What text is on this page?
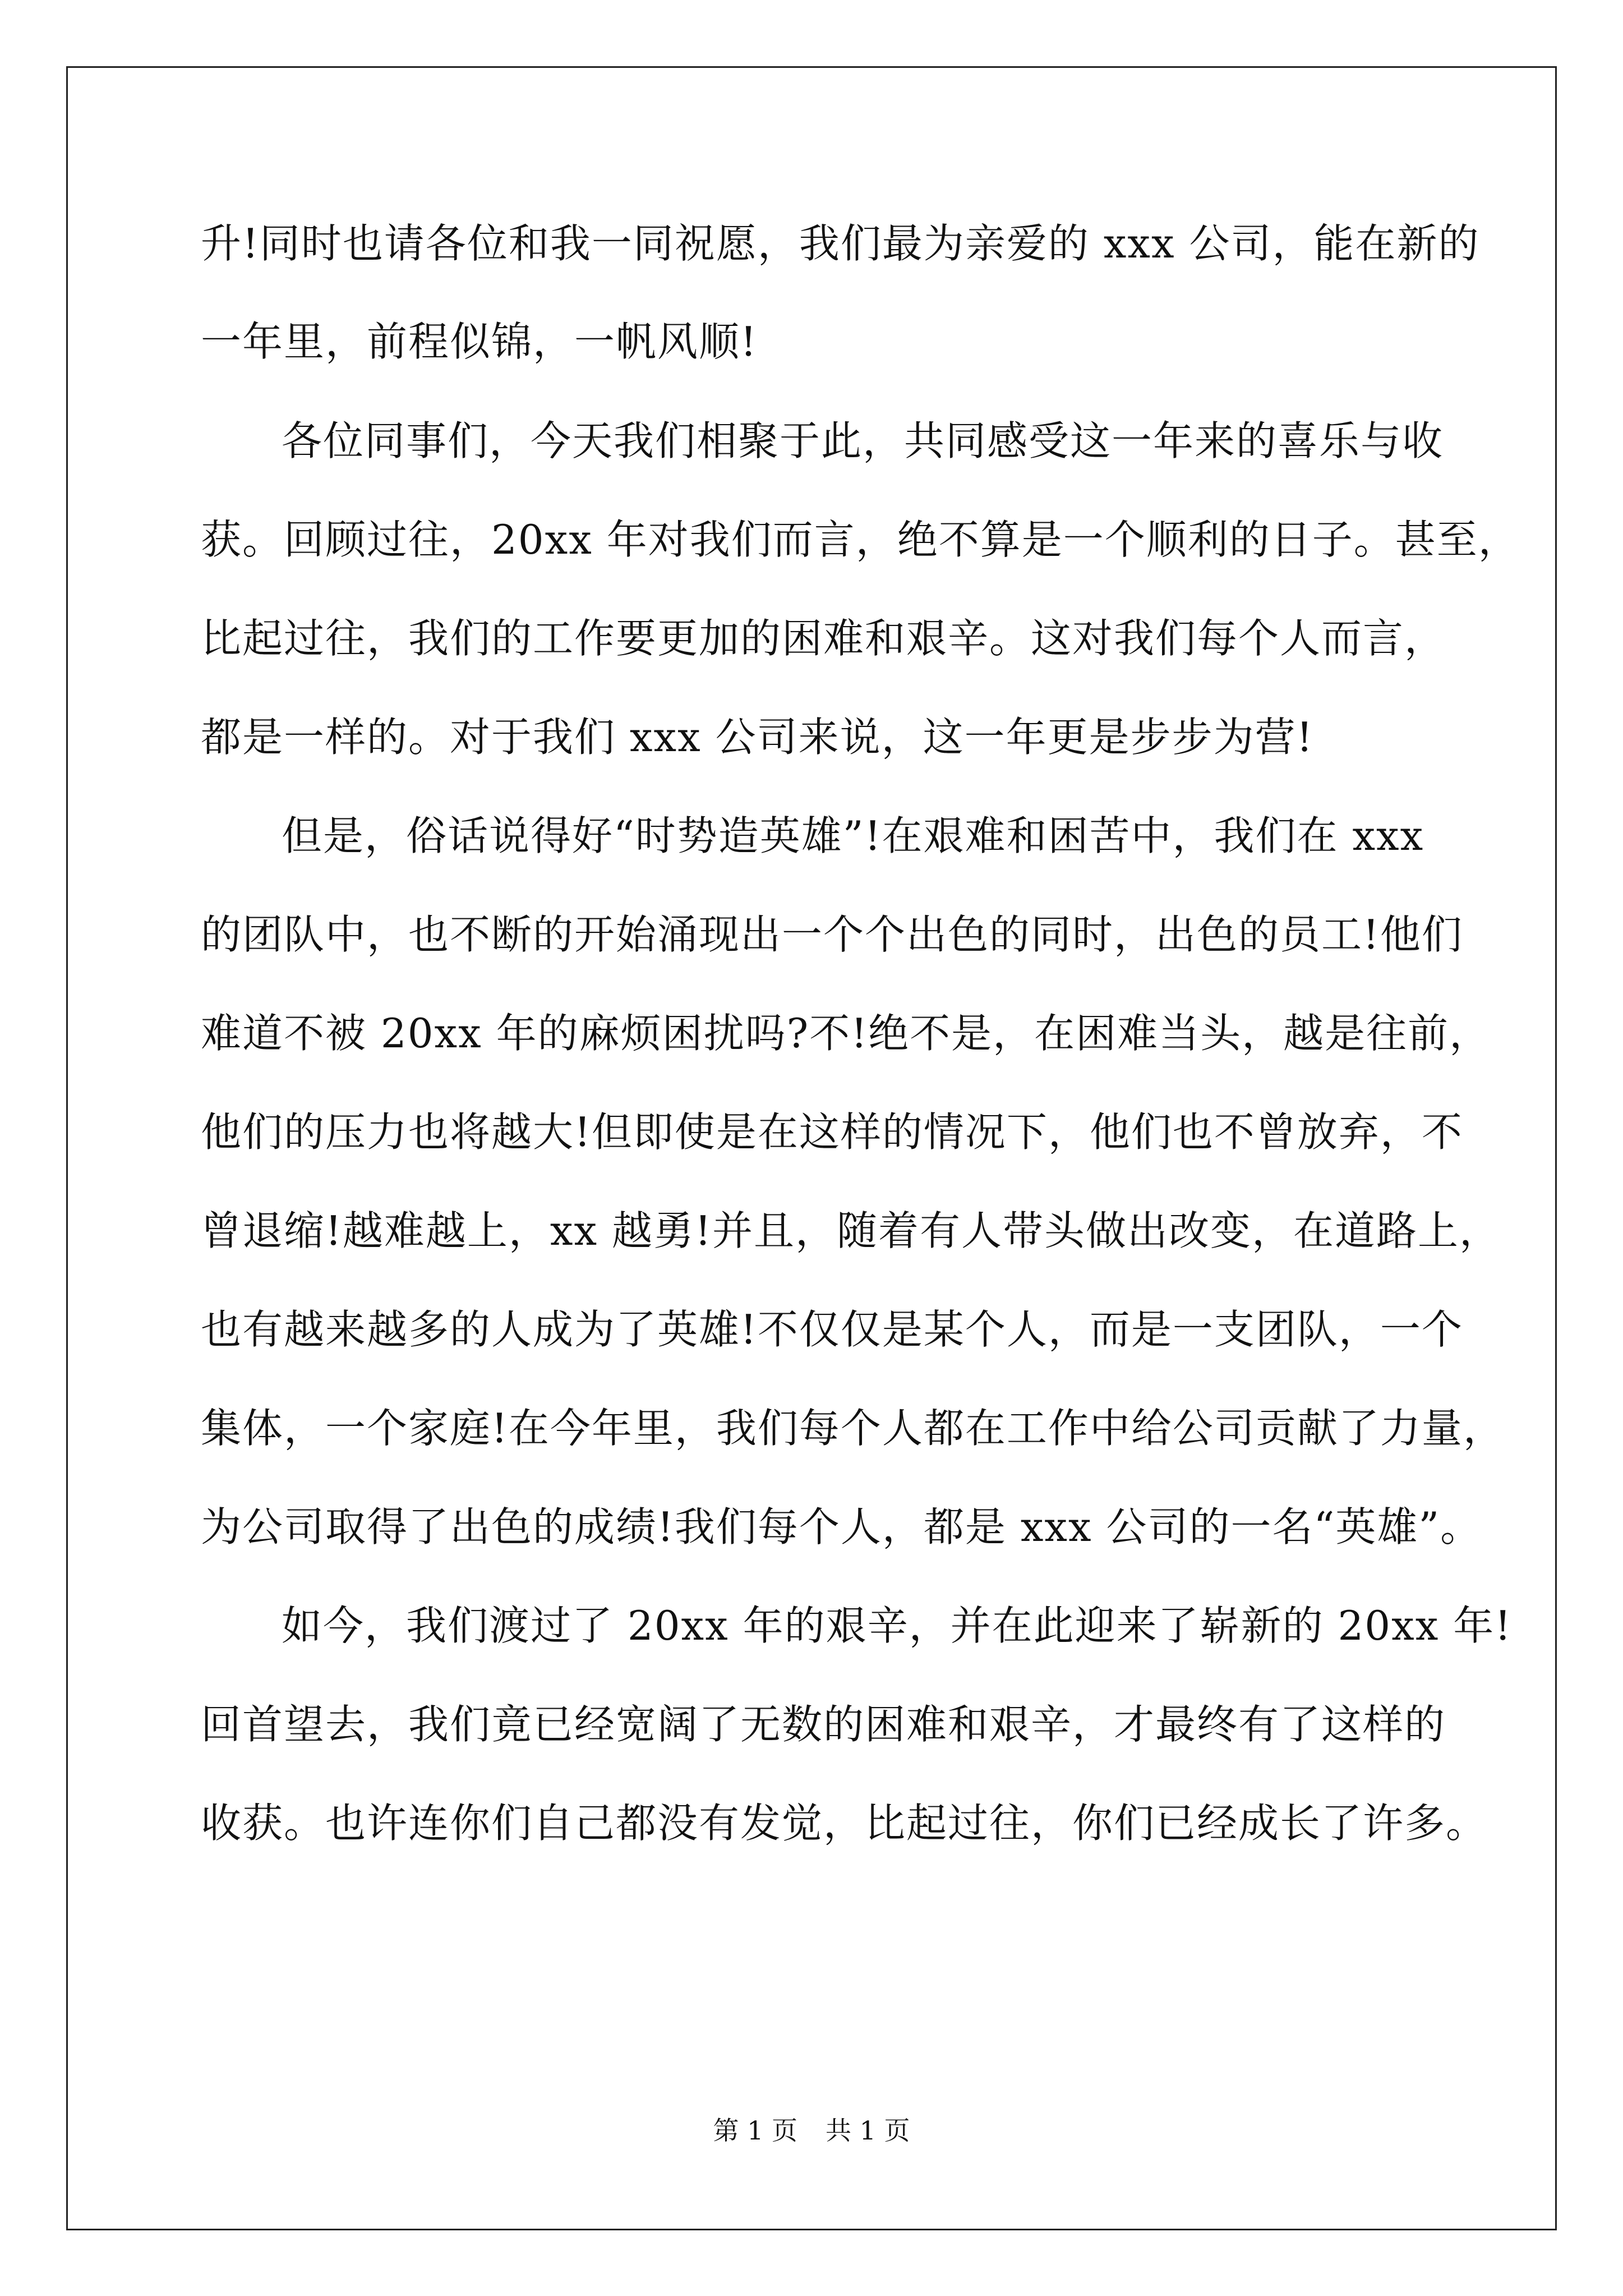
升!同时也请各位和我一同祝愿，我们最为亲爱的 xxx 公司，能在新的
一年里，前程似锦，一帆风顺!
各位同事们，今天我们相聚于此，共同感受这一年来的喜乐与收
获。回顾过往，20xx 年对我们而言，绝不算是一个顺利的日子。甚至，
比起过往，我们的工作要更加的困难和艰辛。这对我们每个人而言，
都是一样的。对于我们 xxx 公司来说，这一年更是步步为营!
但是，俗话说得好“时势造英雄”!在艰难和困苦中，我们在 xxx
的团队中，也不断的开始涌现出一个个出色的同时，出色的员工!他们
难道不被 20xx 年的麻烦困扰吗?不!绝不是，在困难当头，越是往前，
他们的压力也将越大!但即使是在这样的情况下，他们也不曾放弃，不
曾退缩!越难越上，xx 越勇!并且，随着有人带头做出改变，在道路上，
也有越来越多的人成为了英雄!不仅仅是某个人，而是一支团队，一个
集体，一个家庭!在今年里，我们每个人都在工作中给公司贡献了力量，
为公司取得了出色的成绩!我们每个人，都是 xxx 公司的一名“英雄”。
如今，我们渡过了 20xx 年的艰辛，并在此迎来了崭新的 20xx 年!
回首望去，我们竟已经宽阔了无数的困难和艰辛，才最终有了这样的
收获。也许连你们自己都没有发觉，比起过往，你们已经成长了许多。
第 1 页 共 1 页
